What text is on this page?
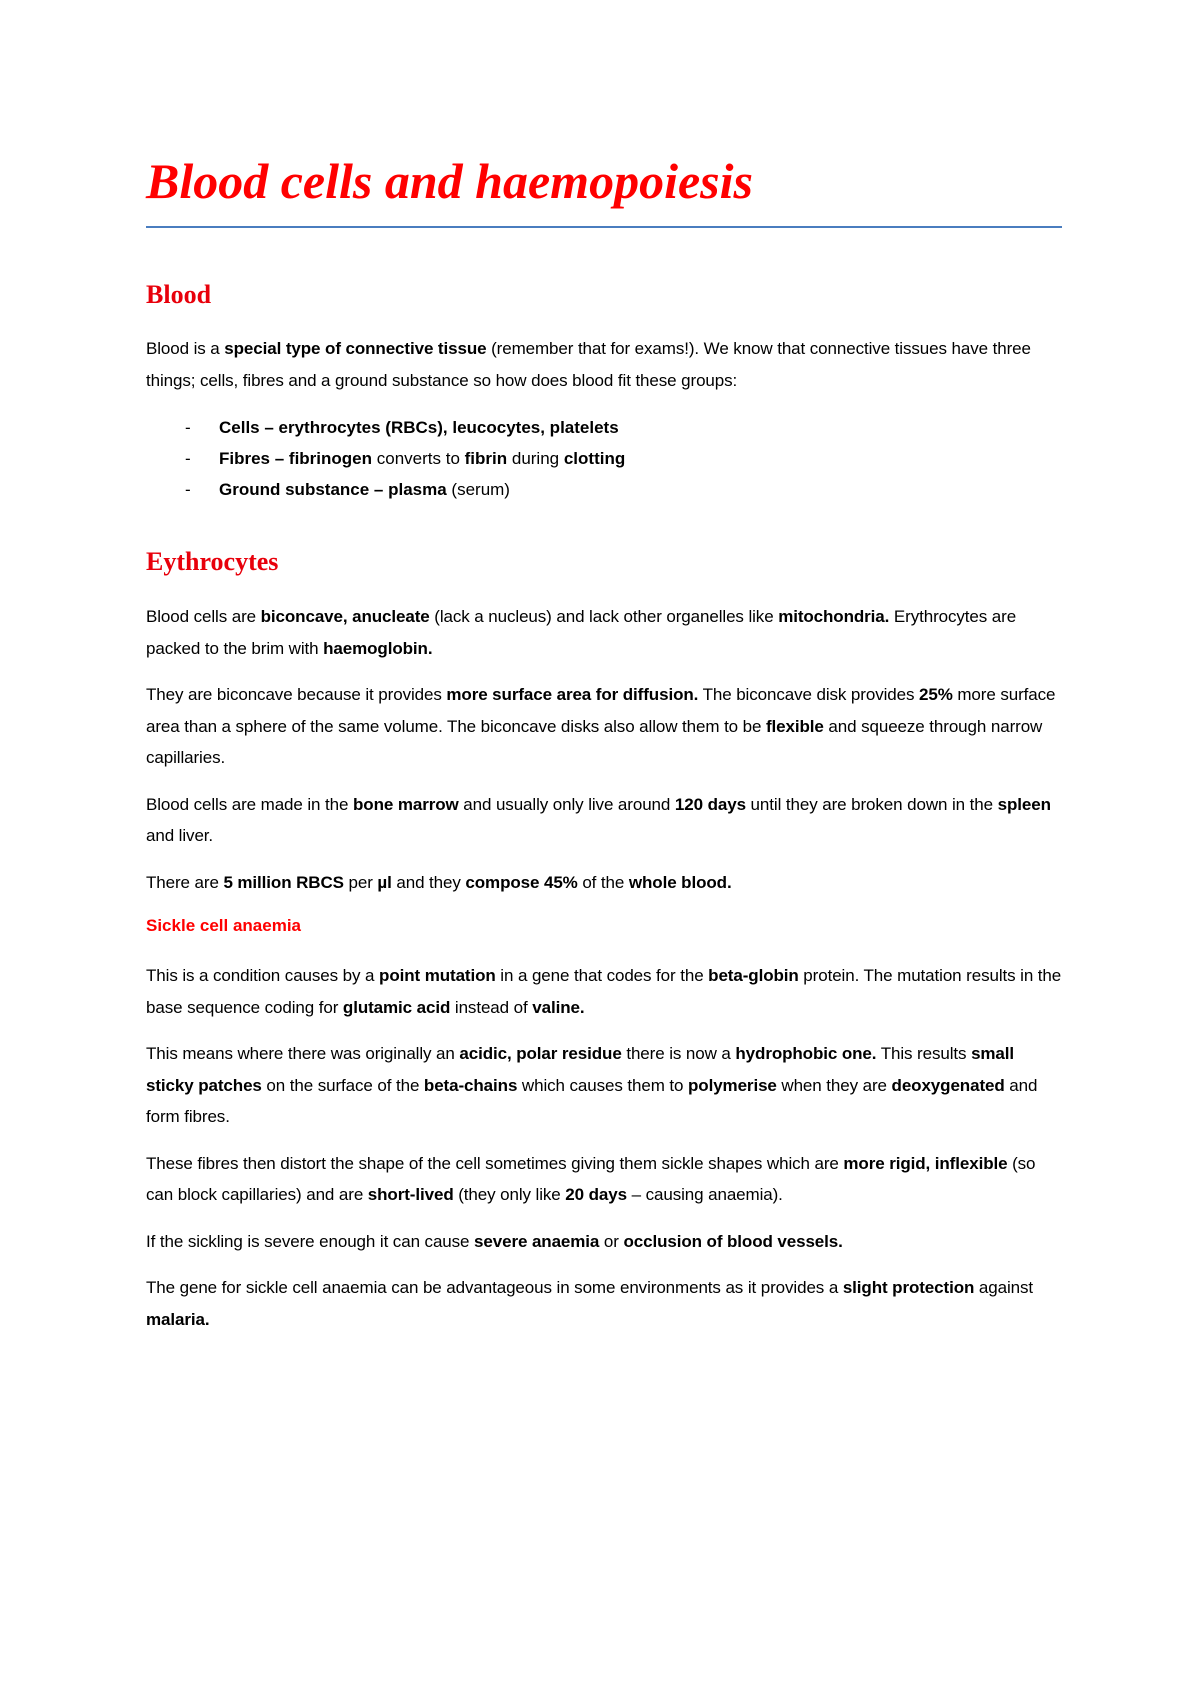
Blood cells and haemopoiesis
Blood

Blood is a special type of connective tissue (remember that for exams!). We know that connective tissues have three things; cells, fibres and a ground substance so how does blood fit these groups:

- Cells – erythrocytes (RBCs), leucocytes, platelets
- Fibres – fibrinogen converts to fibrin during clotting
- Ground substance – plasma (serum)
Eythrocytes

Blood cells are biconcave, anucleate (lack a nucleus) and lack other organelles like mitochondria. Erythrocytes are packed to the brim with haemoglobin.

They are biconcave because it provides more surface area for diffusion. The biconcave disk provides 25% more surface area than a sphere of the same volume. The biconcave disks also allow them to be flexible and squeeze through narrow capillaries.

Blood cells are made in the bone marrow and usually only live around 120 days until they are broken down in the spleen and liver.

There are 5 million RBCS per µl and they compose 45% of the whole blood.

Sickle cell anaemia

This is a condition causes by a point mutation in a gene that codes for the beta-globin protein. The mutation results in the base sequence coding for glutamic acid instead of valine.

This means where there was originally an acidic, polar residue there is now a hydrophobic one. This results small sticky patches on the surface of the beta-chains which causes them to polymerise when they are deoxygenated and form fibres.

These fibres then distort the shape of the cell sometimes giving them sickle shapes which are more rigid, inflexible (so can block capillaries) and are short-lived (they only like 20 days – causing anaemia).

If the sickling is severe enough it can cause severe anaemia or occlusion of blood vessels.

The gene for sickle cell anaemia can be advantageous in some environments as it provides a slight protection against malaria.
